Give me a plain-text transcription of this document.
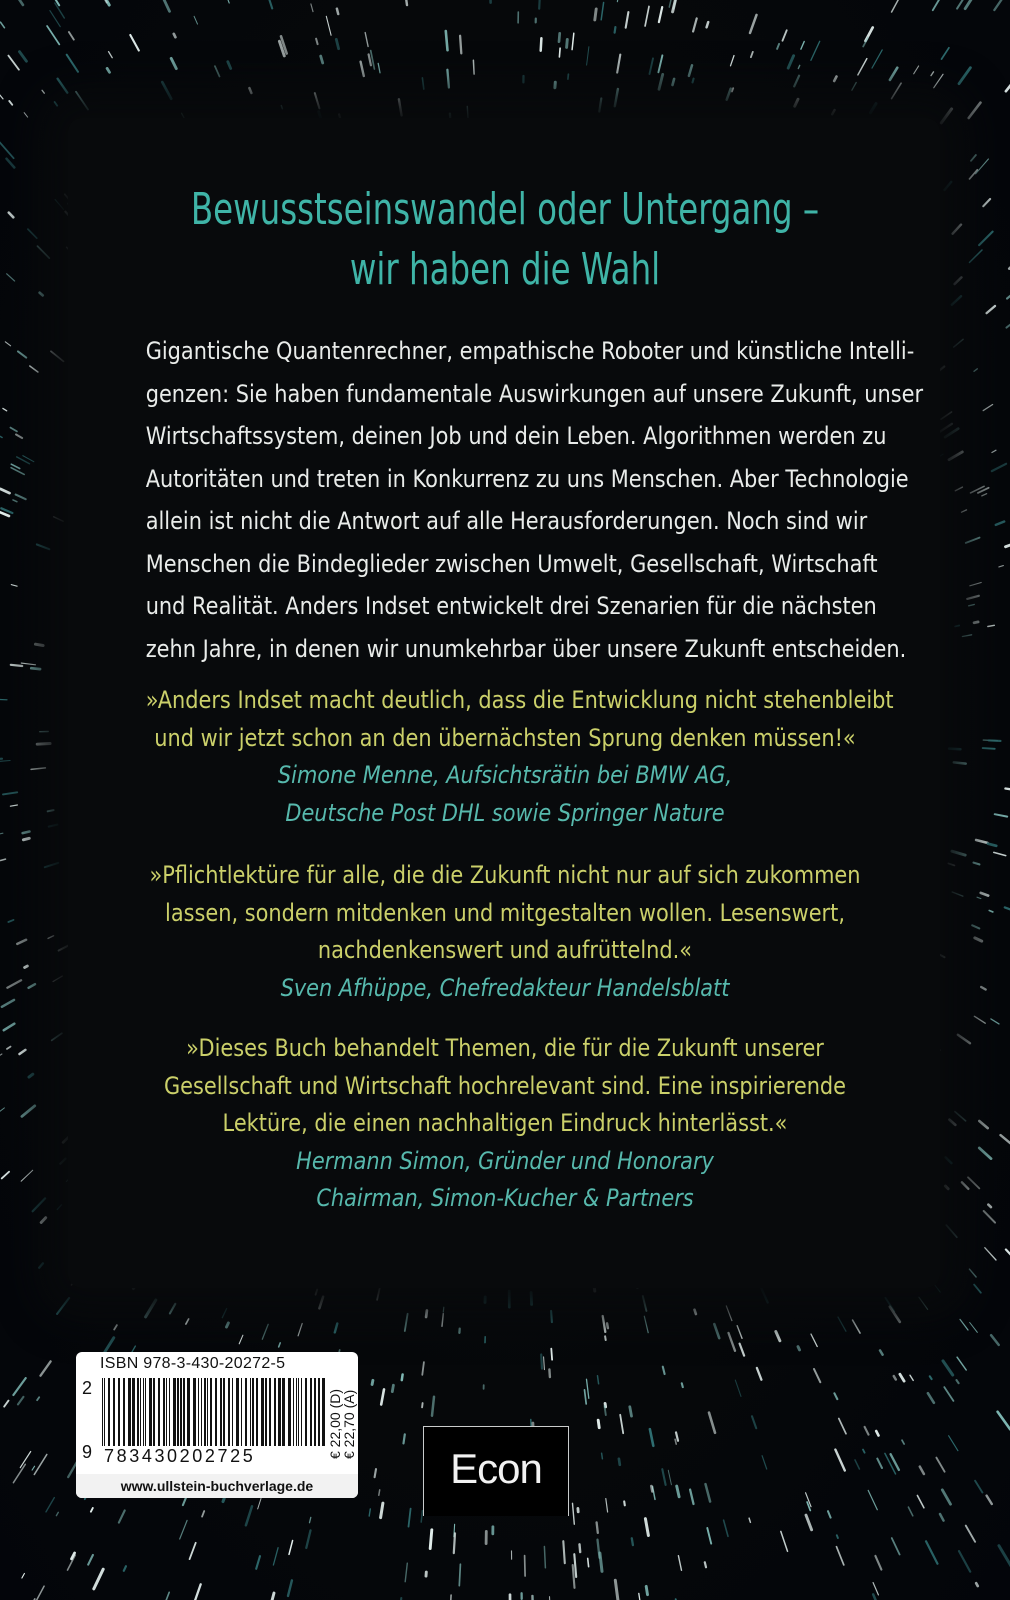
Bewusstseinswandel oder Untergang –
wir haben die Wahl
Gigantische Quantenrechner, empathische Roboter und künstliche Intelli-
genzen: Sie haben fundamentale Auswirkungen auf unsere Zukunft, unser
Wirtschaftssystem, deinen Job und dein Leben. Algorithmen werden zu
Autoritäten und treten in Konkurrenz zu uns Menschen. Aber Technologie
allein ist nicht die Antwort auf alle Herausforderungen. Noch sind wir
Menschen die Bindeglieder zwischen Umwelt, Gesellschaft, Wirtschaft
und Realität. Anders Indset entwickelt drei Szenarien für die nächsten
zehn Jahre, in denen wir unumkehrbar über unsere Zukunft entscheiden.
»Anders Indset macht deutlich, dass die Entwicklung nicht stehenbleibt
und wir jetzt schon an den übernächsten Sprung denken müssen!«
Simone Menne, Aufsichtsrätin bei BMW AG,
Deutsche Post DHL sowie Springer Nature
»Pflichtlektüre für alle, die die Zukunft nicht nur auf sich zukommen
lassen, sondern mitdenken und mitgestalten wollen. Lesenswert,
nachdenkenswert und aufrüttelnd.«
Sven Afhüppe, Chefredakteur Handelsblatt
»Dieses Buch behandelt Themen, die für die Zukunft unserer
Gesellschaft und Wirtschaft hochrelevant sind. Eine inspirierende
Lektüre, die einen nachhaltigen Eindruck hinterlässt.«
Hermann Simon, Gründer und Honorary
Chairman, Simon-Kucher & Partners
ISBN 978-3-430-20272-5
2
9 783430202725	€ 22,00 (D)
€ 22,70 (A)
www.ullstein-buchverlage.de	Econ
